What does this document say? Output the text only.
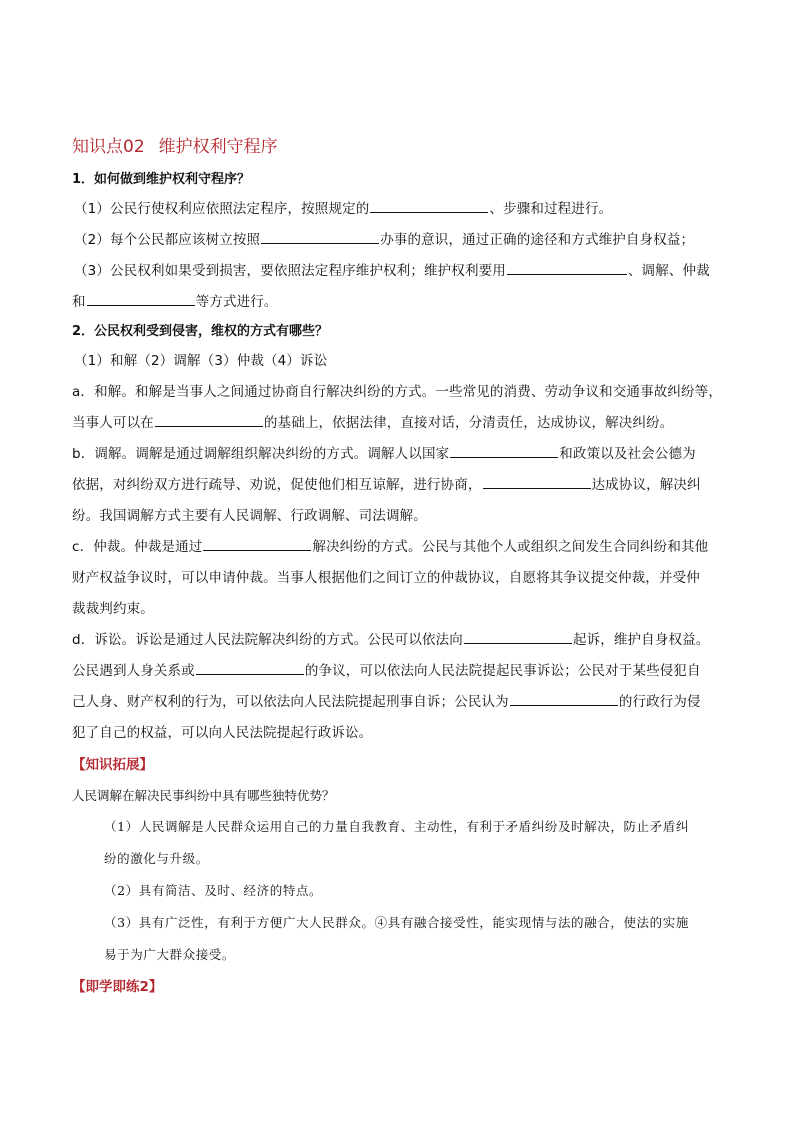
知识点02 维护权利守程序
1．如何做到维护权利守程序？
（1）公民行使权利应依照法定程序，按照规定的	、步骤和过程进行。
（2）每个公民都应该树立按照	办事的意识，通过正确的途径和方式维护自身权益；
（3）公民权利如果受到损害，要依照法定程序维护权利；维护权利要用	、调解、仲裁
和	等方式进行。
2．公民权利受到侵害，维权的方式有哪些？
（1）和解（2）调解（3）仲裁（4）诉讼
a．和解。和解是当事人之间通过协商自行解决纠纷的方式。一些常见的消费、劳动争议和交通事故纠纷等，
当事人可以在	的基础上，依据法律，直接对话，分清责任，达成协议，解决纠纷。
b．调解。调解是通过调解组织解决纠纷的方式。调解人以国家	和政策以及社会公德为
依据，对纠纷双方进行疏导、劝说，促使他们相互谅解，进行协商，	达成协议，解决纠
纷。我国调解方式主要有人民调解、行政调解、司法调解。
c．仲裁。仲裁是通过	解决纠纷的方式。公民与其他个人或组织之间发生合同纠纷和其他
财产权益争议时，可以申请仲裁。当事人根据他们之间订立的仲裁协议，自愿将其争议提交仲裁，并受仲
裁裁判约束。
d．诉讼。诉讼是通过人民法院解决纠纷的方式。公民可以依法向	起诉，维护自身权益。
公民遇到人身关系或	的争议，可以依法向人民法院提起民事诉讼；公民对于某些侵犯自
己人身、财产权利的行为，可以依法向人民法院提起刑事自诉；公民认为	的行政行为侵
犯了自己的权益，可以向人民法院提起行政诉讼。
【知识拓展】
人民调解在解决民事纠纷中具有哪些独特优势？
（1）人民调解是人民群众运用自己的力量自我教育、主动性，有利于矛盾纠纷及时解决，防止矛盾纠
纷的激化与升级。
（2）具有简洁、及时、经济的特点。
（3）具有广泛性，有利于方便广大人民群众。④具有融合接受性，能实现情与法的融合，使法的实施
易于为广大群众接受。
【即学即练2】
